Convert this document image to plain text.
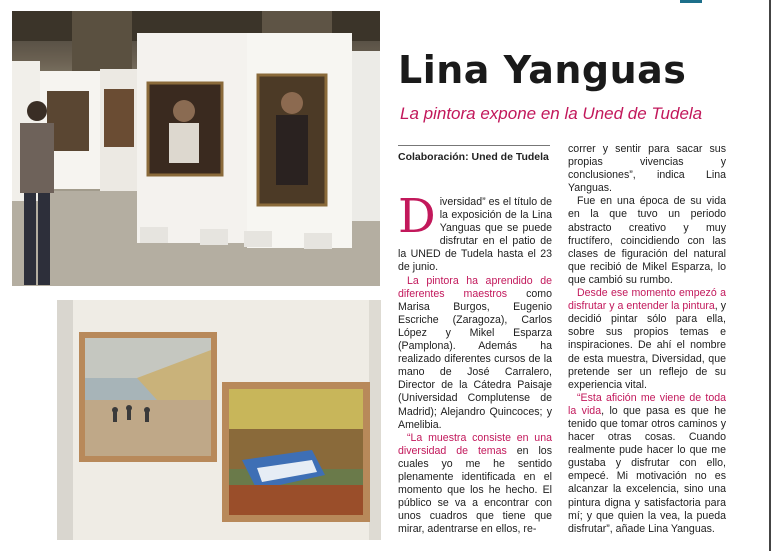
Lina Yanguas

La pintora expone en la Uned de Tudela

Colaboración: Uned de Tudela

Diversidad” es el título de la exposición de la Lina Yanguas que se puede disfrutar en el patio de la UNED de Tudela hasta el 23 de junio.

La pintora ha aprendido de diferentes maestros como Marisa Burgos, Eugenio Escriche (Zaragoza), Carlos López y Mikel Esparza (Pamplona). Además ha realizado diferentes cursos de la mano de José Carralero, Director de la Cátedra Paisaje (Universidad Complutense de Madrid); Alejandro Quincoces; y Amelibia.

“La muestra consiste en una diversidad de temas en los cuales yo me he sentido plenamente identificada en el momento que los he hecho. El público se va a encontrar con unos cuadros que tiene que mirar, adentrarse en ellos, re-

correr y sentir para sacar sus propias vivencias y conclusiones”, indica Lina Yanguas.

Fue en una época de su vida en la que tuvo un periodo abstracto creativo y muy fructífero, coincidiendo con las clases de figuración del natural que recibió de Mikel Esparza, lo que cambió su rumbo.

Desde ese momento empezó a disfrutar y a entender la pintura, y decidió pintar sólo para ella, sobre sus propios temas e inspiraciones. De ahí el nombre de esta muestra, Diversidad, que pretende ser un reflejo de su experiencia vital.

“Esta afición me viene de toda la vida, lo que pasa es que he tenido que tomar otros caminos y hacer otras cosas. Cuando realmente pude hacer lo que me gustaba y disfrutar con ello, empecé. Mi motivación no es alcanzar la excelencia, sino una pintura digna y satisfactoria para mí; y que quien la vea, la pueda disfrutar”, añade Lina Yanguas.
